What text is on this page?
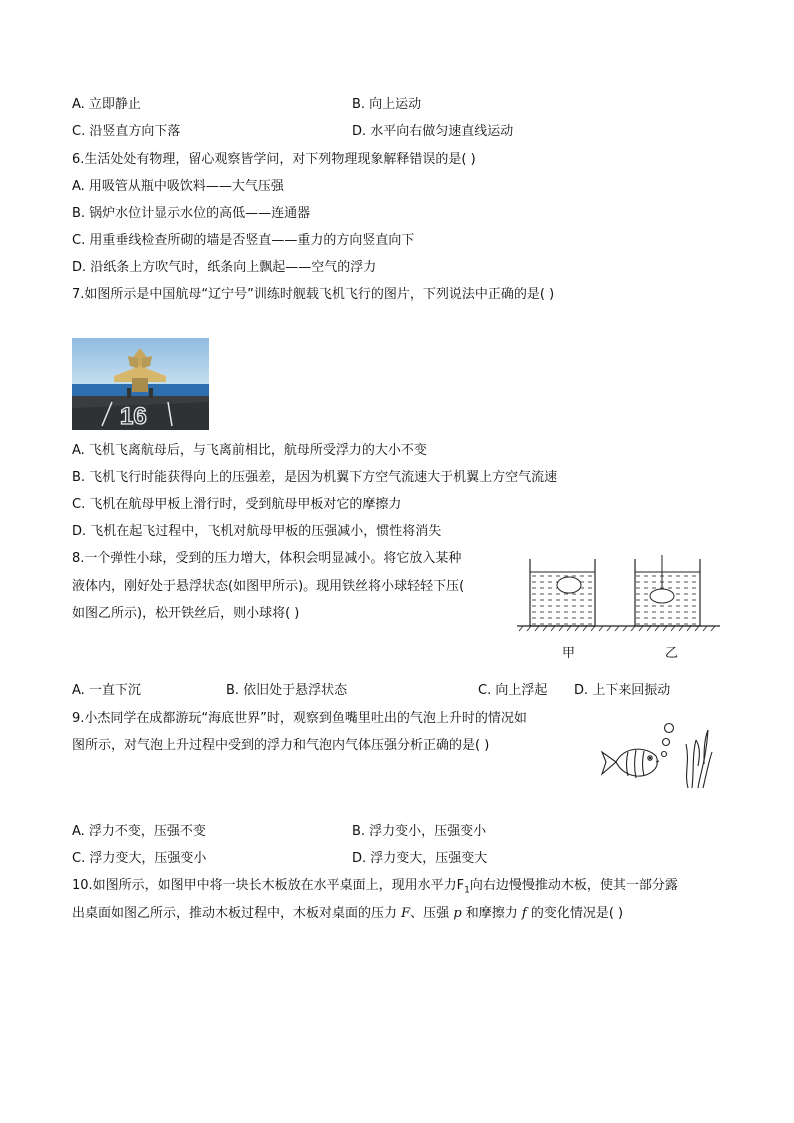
A. 立即静止	B. 向上运动
C. 沿竖直方向下落	D. 水平向右做匀速直线运动
6.生活处处有物理，留心观察皆学问，对下列物理现象解释错误的是( )
A. 用吸管从瓶中吸饮料——大气压强
B. 锅炉水位计显示水位的高低——连通器
C. 用重垂线检查所砌的墙是否竖直——重力的方向竖直向下
D. 沿纸条上方吹气时，纸条向上飘起——空气的浮力
7.如图所示是中国航母“辽宁号”训练时舰载飞机飞行的图片，下列说法中正确的是( )
16
A. 飞机飞离航母后，与飞离前相比，航母所受浮力的大小不变
B. 飞机飞行时能获得向上的压强差，是因为机翼下方空气流速大于机翼上方空气流速
C. 飞机在航母甲板上滑行时，受到航母甲板对它的摩擦力
D. 飞机在起飞过程中，飞机对航母甲板的压强减小，惯性将消失
8.一个弹性小球，受到的压力增大，体积会明显减小。将它放入某种
液体内，刚好处于悬浮状态(如图甲所示)。现用铁丝将小球轻轻下压(
如图乙所示)，松开铁丝后，则小球将( )
甲	乙
A. 一直下沉	B. 依旧处于悬浮状态	C. 向上浮起 D. 上下来回振动
9.小杰同学在成都游玩“海底世界”时，观察到鱼嘴里吐出的气泡上升时的情况如
图所示，对气泡上升过程中受到的浮力和气泡内气体压强分析正确的是( )
A. 浮力不变，压强不变	B. 浮力变小，压强变小
C. 浮力变大，压强变小	D. 浮力变大，压强变大
10.如图所示，如图甲中将一块长木板放在水平桌面上，现用水平力$F_1$向右边慢慢推动木板，使其一部分露
出桌面如图乙所示，推动木板过程中，木板对桌面的压力 F、压强 p 和摩擦力 f 的变化情况是( )
